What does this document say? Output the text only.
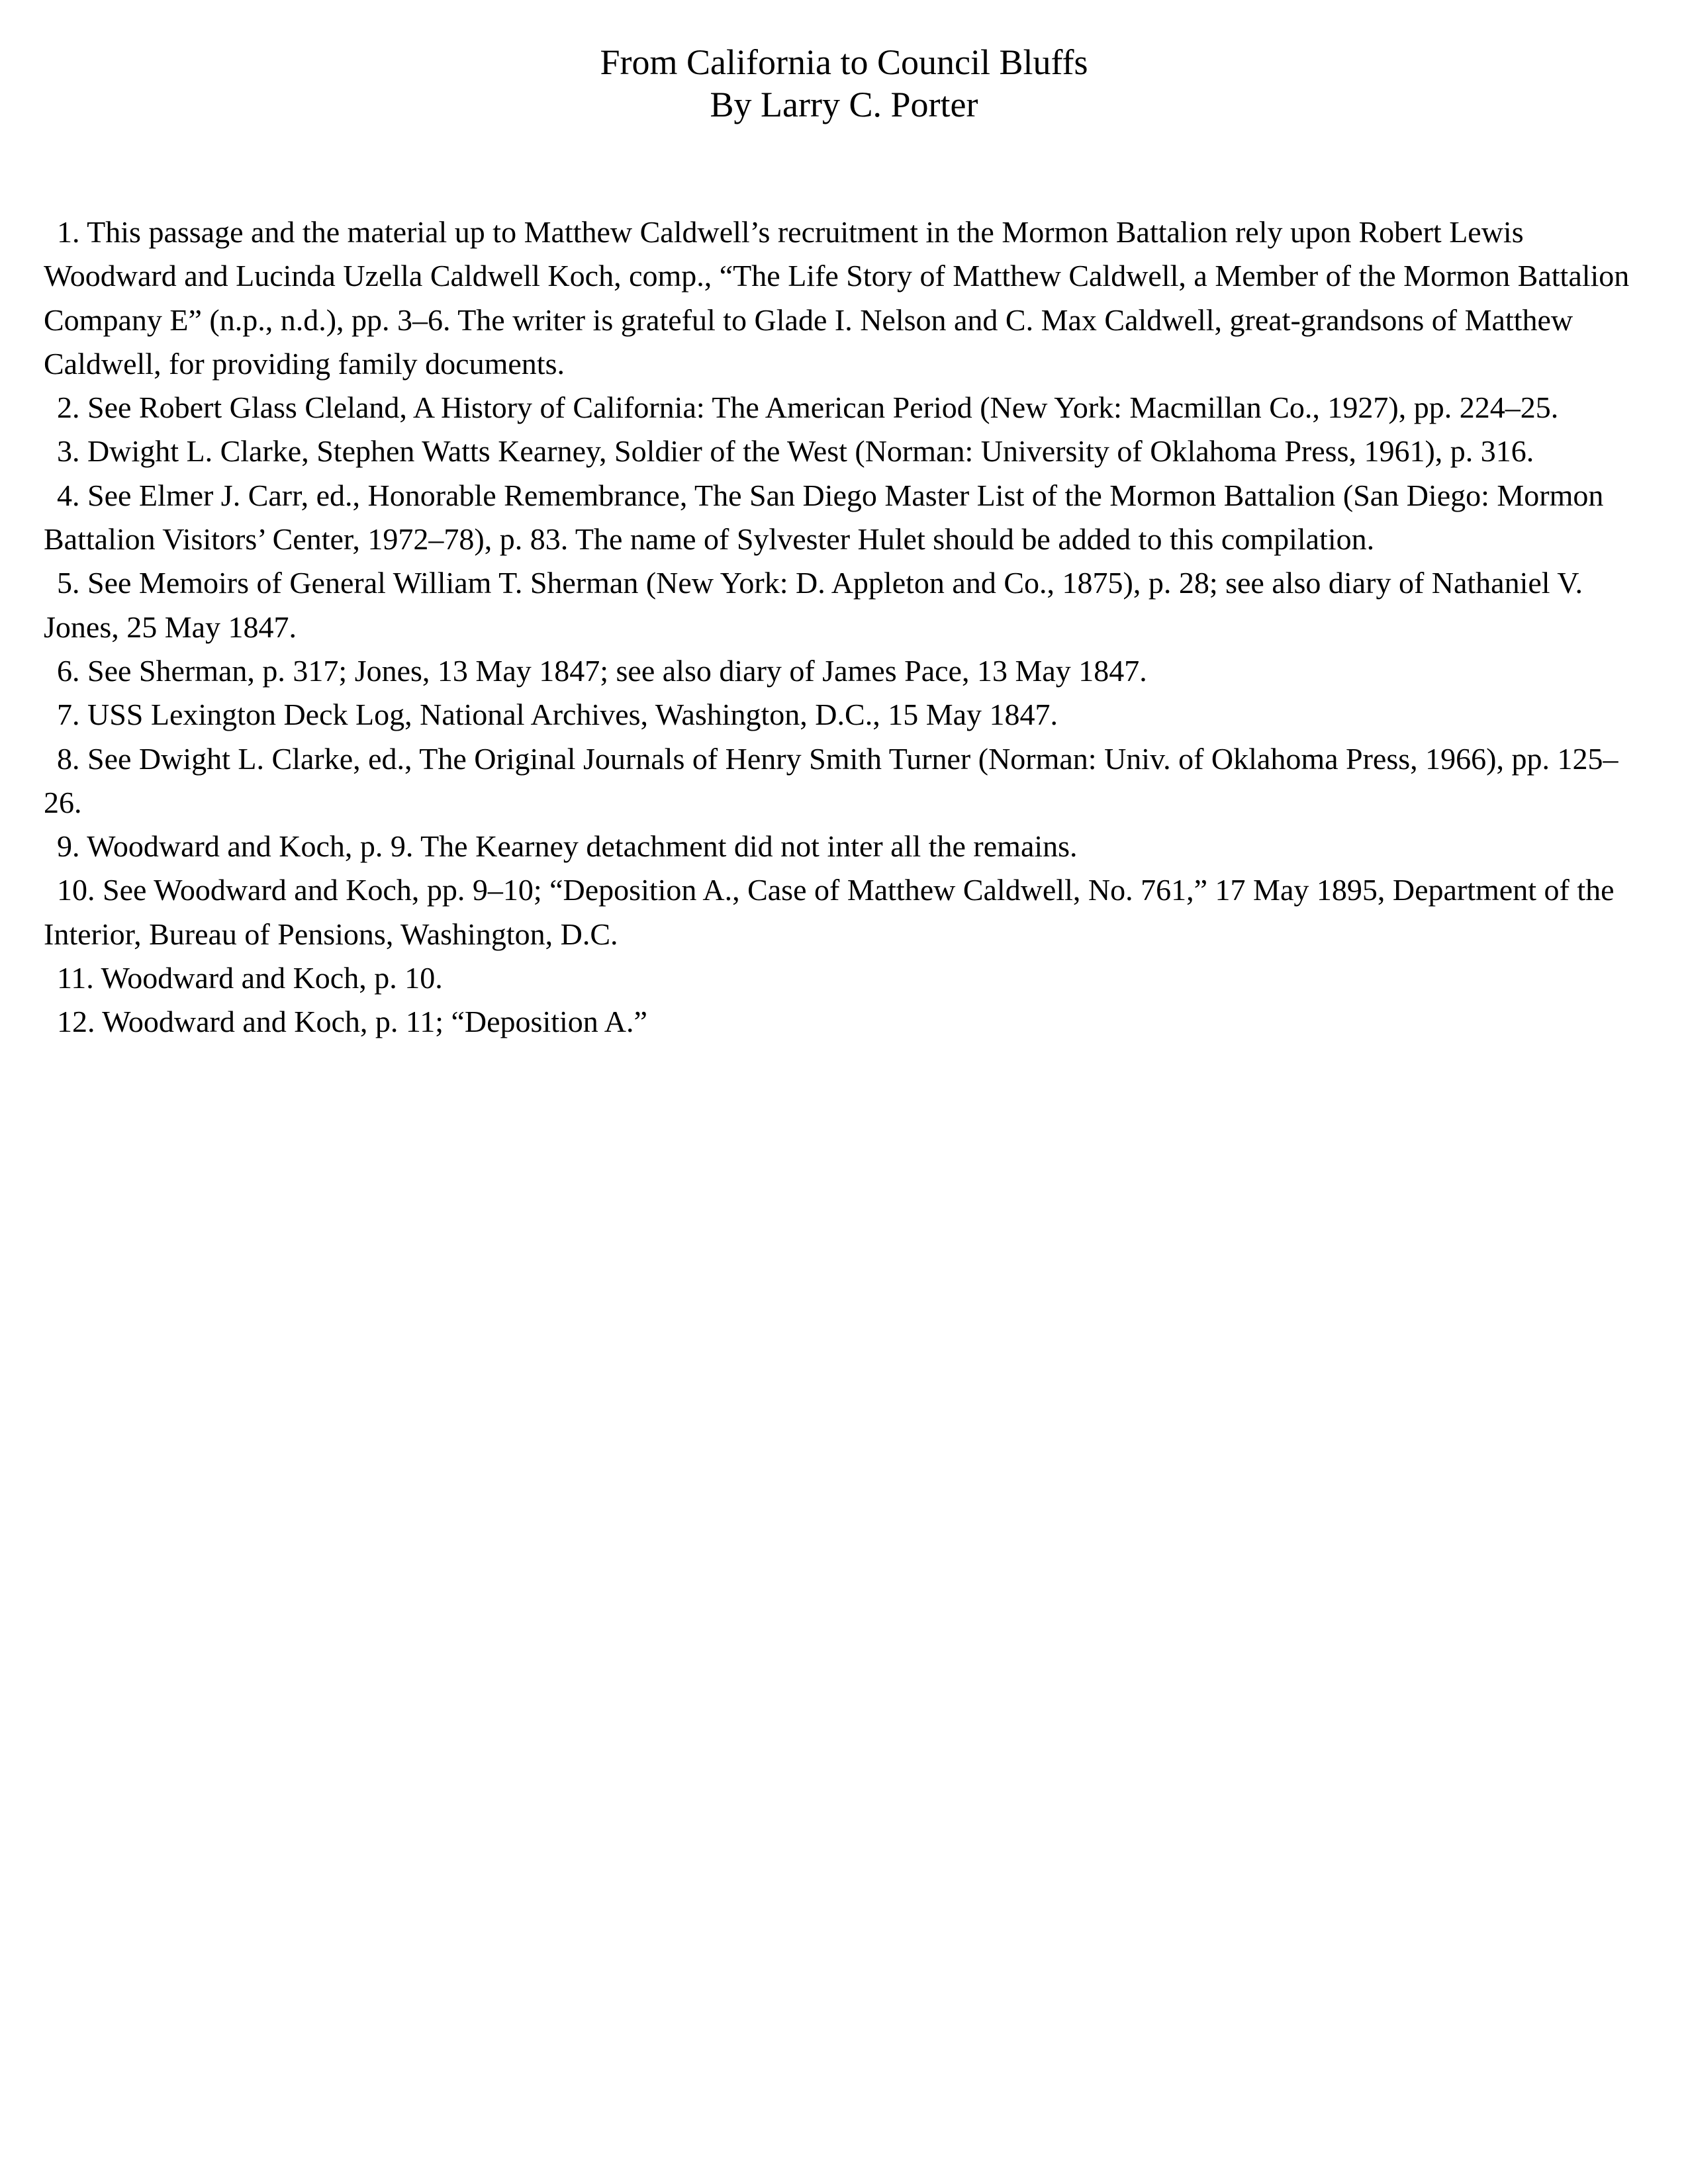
From California to Council Bluffs
By Larry C. Porter

1. This passage and the material up to Matthew Caldwell’s recruitment in the Mormon Battalion rely upon Robert Lewis Woodward and Lucinda Uzella Caldwell Koch, comp., “The Life Story of Matthew Caldwell, a Member of the Mormon Battalion Company E” (n.p., n.d.), pp. 3–6. The writer is grateful to Glade I. Nelson and C. Max Caldwell, great-grandsons of Matthew Caldwell, for providing family documents.

2. See Robert Glass Cleland, A History of California: The American Period (New York: Macmillan Co., 1927), pp. 224–25.

3. Dwight L. Clarke, Stephen Watts Kearney, Soldier of the West (Norman: University of Oklahoma Press, 1961), p. 316.

4. See Elmer J. Carr, ed., Honorable Remembrance, The San Diego Master List of the Mormon Battalion (San Diego: Mormon Battalion Visitors’ Center, 1972–78), p. 83. The name of Sylvester Hulet should be added to this compilation.

5. See Memoirs of General William T. Sherman (New York: D. Appleton and Co., 1875), p. 28; see also diary of Nathaniel V. Jones, 25 May 1847.

6. See Sherman, p. 317; Jones, 13 May 1847; see also diary of James Pace, 13 May 1847.

7. USS Lexington Deck Log, National Archives, Washington, D.C., 15 May 1847.

8. See Dwight L. Clarke, ed., The Original Journals of Henry Smith Turner (Norman: Univ. of Oklahoma Press, 1966), pp. 125–26.

9. Woodward and Koch, p. 9. The Kearney detachment did not inter all the remains.

10. See Woodward and Koch, pp. 9–10; “Deposition A., Case of Matthew Caldwell, No. 761,” 17 May 1895, Department of the Interior, Bureau of Pensions, Washington, D.C.

11. Woodward and Koch, p. 10.

12. Woodward and Koch, p. 11; “Deposition A.”
